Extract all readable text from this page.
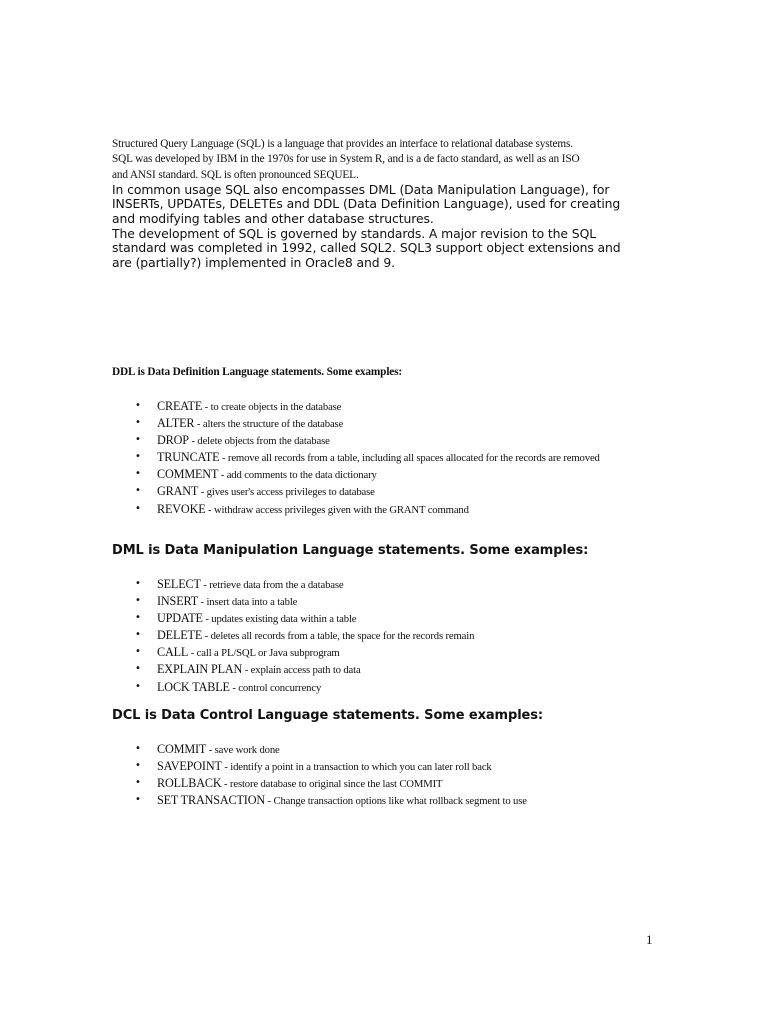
Structured Query Language (SQL) is a language that provides an interface to relational database systems.

SQL was developed by IBM in the 1970s for use in System R, and is a de facto standard, as well as an ISO

and ANSI standard. SQL is often pronounced SEQUEL.

In common usage SQL also encompasses DML (Data Manipulation Language), for

INSERTs, UPDATEs, DELETEs and DDL (Data Definition Language), used for creating

and modifying tables and other database structures.

The development of SQL is governed by standards. A major revision to the SQL

standard was completed in 1992, called SQL2. SQL3 support object extensions and

are (partially?) implemented in Oracle8 and 9.

DDL is Data Definition Language statements. Some examples:

• CREATE - to create objects in the database
• ALTER - alters the structure of the database
• DROP - delete objects from the database
• TRUNCATE - remove all records from a table, including all spaces allocated for the records are removed
• COMMENT - add comments to the data dictionary
• GRANT - gives user's access privileges to database
• REVOKE - withdraw access privileges given with the GRANT command

DML is Data Manipulation Language statements. Some examples:

• SELECT - retrieve data from the a database
• INSERT - insert data into a table
• UPDATE - updates existing data within a table
• DELETE - deletes all records from a table, the space for the records remain
• CALL - call a PL/SQL or Java subprogram
• EXPLAIN PLAN - explain access path to data
• LOCK TABLE - control concurrency

DCL is Data Control Language statements. Some examples:

• COMMIT - save work done
• SAVEPOINT - identify a point in a transaction to which you can later roll back
• ROLLBACK - restore database to original since the last COMMIT
• SET TRANSACTION - Change transaction options like what rollback segment to use
1
